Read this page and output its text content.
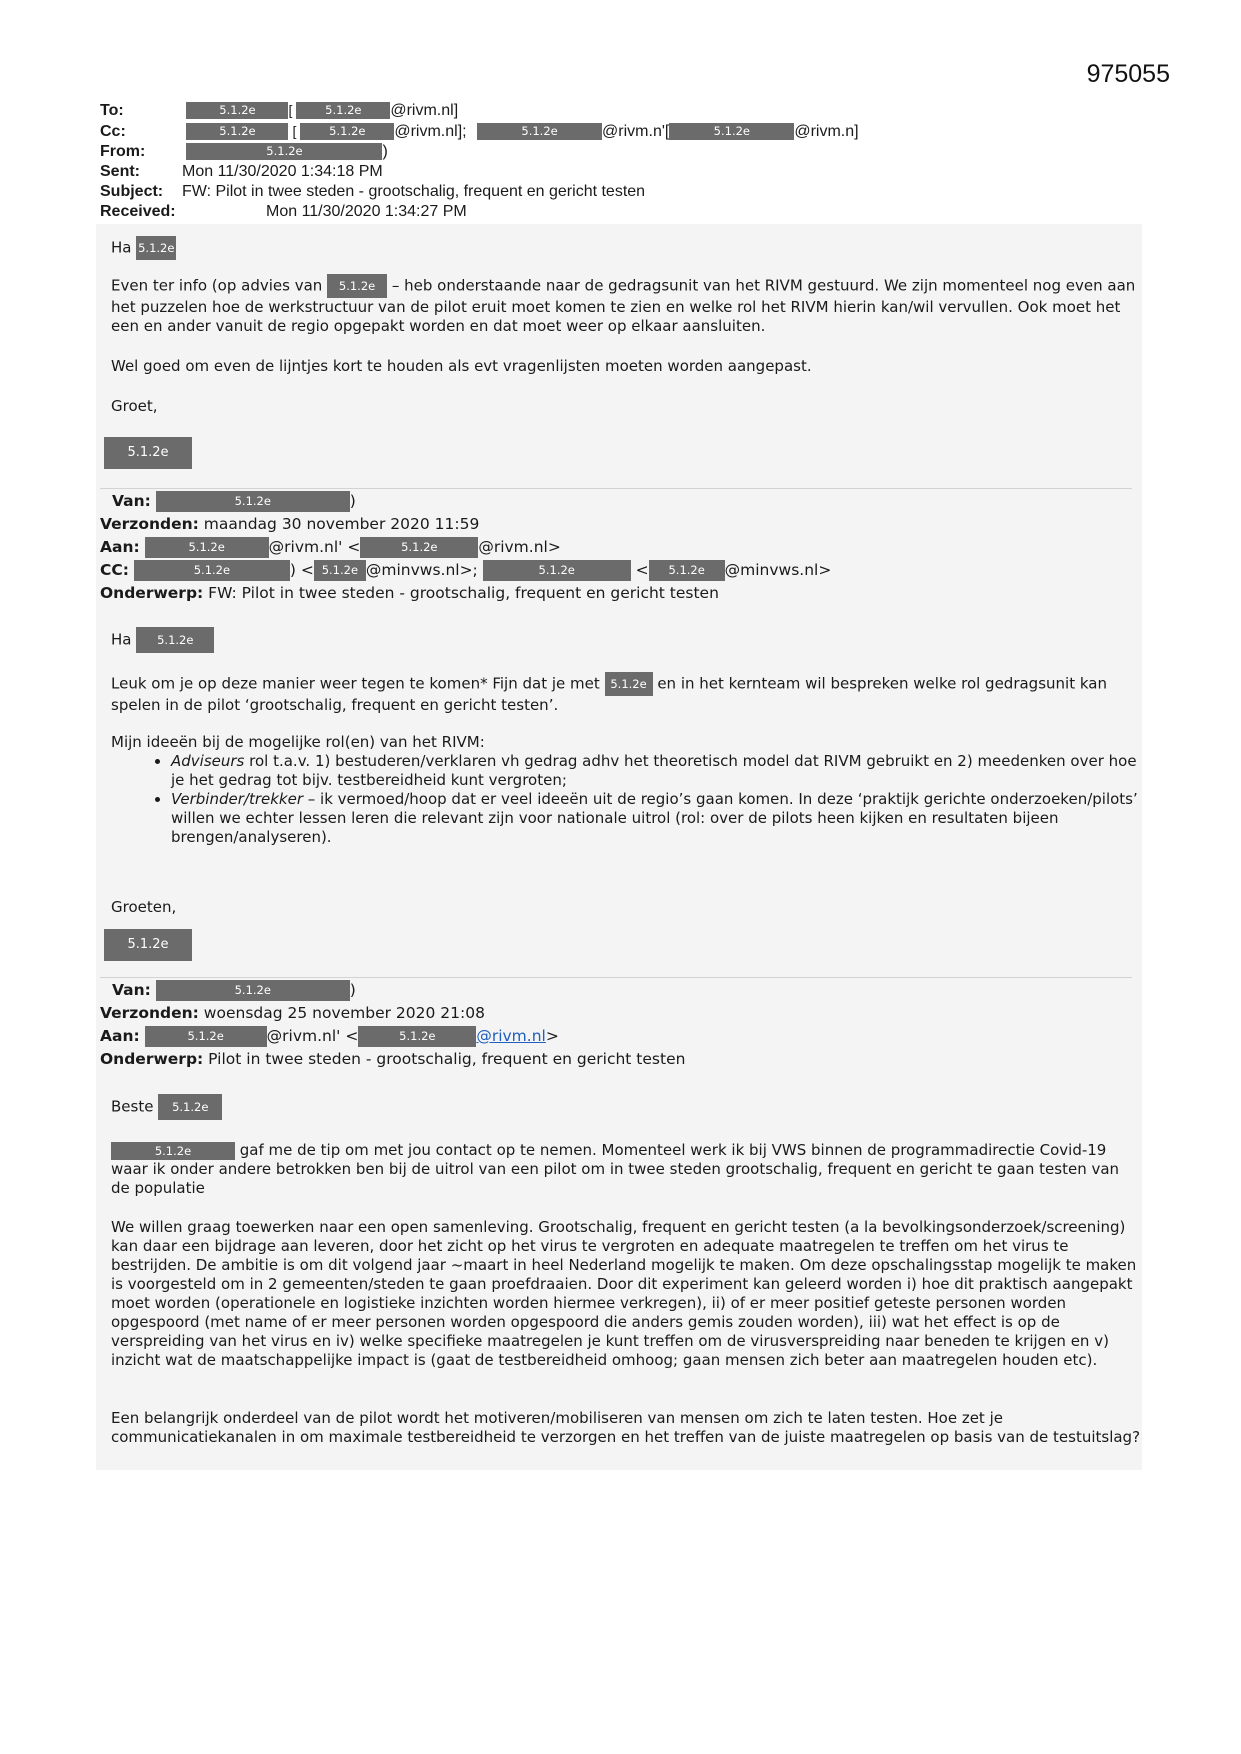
975055
To:	5.1.2e [	5.1.2e @rivm.nl]
Cc:	5.1.2e	[	5.1.2e @rivm.nl];	5.1.2e	@rivm.n'[	5.1.2e	@rivm.n]
From:	5.1.2e	)
Sent:	Mon 11/30/2020 1:34:18 PM
Subject: FW: Pilot in twee steden - grootschalig, frequent en gericht testen
Received:	Mon 11/30/2020 1:34:27 PM
Ha 5.1.2e
Even ter info (op advies van 5.1.2e – heb onderstaande naar de gedragsunit van het RIVM gestuurd. We zijn momenteel nog even aan het puzzelen hoe de werkstructuur van de pilot eruit moet komen te zien en welke rol het RIVM hierin kan/wil vervullen. Ook moet het een en ander vanuit de regio opgepakt worden en dat moet weer op elkaar aansluiten.
Wel goed om even de lijntjes kort te houden als evt vragenlijsten moeten worden aangepast.
Groet,
5.1.2e
Van:	5.1.2e	)
Verzonden: maandag 30 november 2020 11:59
Aan:	5.1.2e	@rivm.nl' <	5.1.2e	@rivm.nl>
CC:	5.1.2e	) < 5.1.2e @minvws.nl>;	5.1.2e	< 5.1.2e @minvws.nl>
Onderwerp: FW: Pilot in twee steden - grootschalig, frequent en gericht testen
Ha 5.1.2e
Leuk om je op deze manier weer tegen te komen* Fijn dat je met 5.1.2e en in het kernteam wil bespreken welke rol gedragsunit kan spelen in de pilot ‘grootschalig, frequent en gericht testen’.
Mijn ideeën bij de mogelijke rol(en) van het RIVM:
• Adviseurs rol t.a.v. 1) bestuderen/verklaren vh gedrag adhv het theoretisch model dat RIVM gebruikt en 2) meedenken over hoe je het gedrag tot bijv. testbereidheid kunt vergroten;
• Verbinder/trekker – ik vermoed/hoop dat er veel ideeën uit de regio’s gaan komen. In deze ‘praktijk gerichte onderzoeken/pilots’ willen we echter lessen leren die relevant zijn voor nationale uitrol (rol: over de pilots heen kijken en resultaten bijeen brengen/analyseren).
Groeten,
5.1.2e
Van:	5.1.2e	)
Verzonden: woensdag 25 november 2020 21:08
Aan:	5.1.2e	@rivm.nl' <	5.1.2e	@rivm.nl>
Onderwerp: Pilot in twee steden - grootschalig, frequent en gericht testen
Beste 5.1.2e
5.1.2e	gaf me de tip om met jou contact op te nemen. Momenteel werk ik bij VWS binnen de programmadirectie Covid-19 waar ik onder andere betrokken ben bij de uitrol van een pilot om in twee steden grootschalig, frequent en gericht te gaan testen van de populatie
We willen graag toewerken naar een open samenleving. Grootschalig, frequent en gericht testen (a la bevolkingsonderzoek/screening) kan daar een bijdrage aan leveren, door het zicht op het virus te vergroten en adequate maatregelen te treffen om het virus te bestrijden. De ambitie is om dit volgend jaar ~maart in heel Nederland mogelijk te maken. Om deze opschalingsstap mogelijk te maken is voorgesteld om in 2 gemeenten/steden te gaan proefdraaien. Door dit experiment kan geleerd worden i) hoe dit praktisch aangepakt moet worden (operationele en logistieke inzichten worden hiermee verkregen), ii) of er meer positief geteste personen worden opgespoord (met name of er meer personen worden opgespoord die anders gemis zouden worden), iii) wat het effect is op de verspreiding van het virus en iv) welke specifieke maatregelen je kunt treffen om de virusverspreiding naar beneden te krijgen en v) inzicht wat de maatschappelijke impact is (gaat de testbereidheid omhoog; gaan mensen zich beter aan maatregelen houden etc).
Een belangrijk onderdeel van de pilot wordt het motiveren/mobiliseren van mensen om zich te laten testen. Hoe zet je communicatiekanalen in om maximale testbereidheid te verzorgen en het treffen van de juiste maatregelen op basis van de testuitslag?
